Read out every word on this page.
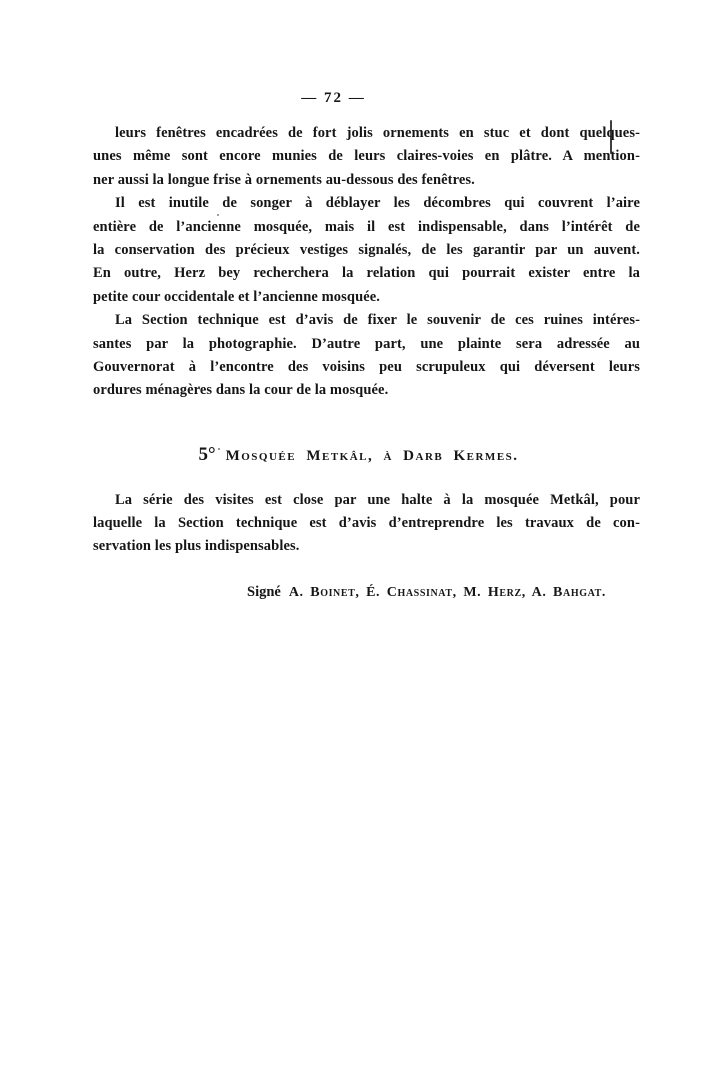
— 72 —
leurs fenêtres encadrées de fort jolis ornements en stuc et dont quelques-
unes même sont encore munies de leurs claires-voies en plâtre. A mention-
ner aussi la longue frise à ornements au-dessous des fenêtres.
Il est inutile de songer à déblayer les décombres qui couvrent l’aire
entière de l’ancienne mosquée, mais il est indispensable, dans l’intérêt de
la conservation des précieux vestiges signalés, de les garantir par un auvent.
En outre, Herz bey recherchera la relation qui pourrait exister entre la
petite cour occidentale et l’ancienne mosquée.
La Section technique est d’avis de fixer le souvenir de ces ruines intéres-
santes par la photographie. D’autre part, une plainte sera adressée au
Gouvernorat à l’encontre des voisins peu scrupuleux qui déversent leurs
ordures ménagères dans la cour de la mosquée.
5° Mosquée Metkâl, à Darb Kermes.
La série des visites est close par une halte à la mosquée Metkâl, pour
laquelle la Section technique est d’avis d’entreprendre les travaux de con-
servation les plus indispensables.
Signé A. Boinet, É. Chassinat, M. Herz, A. Bahgat.
